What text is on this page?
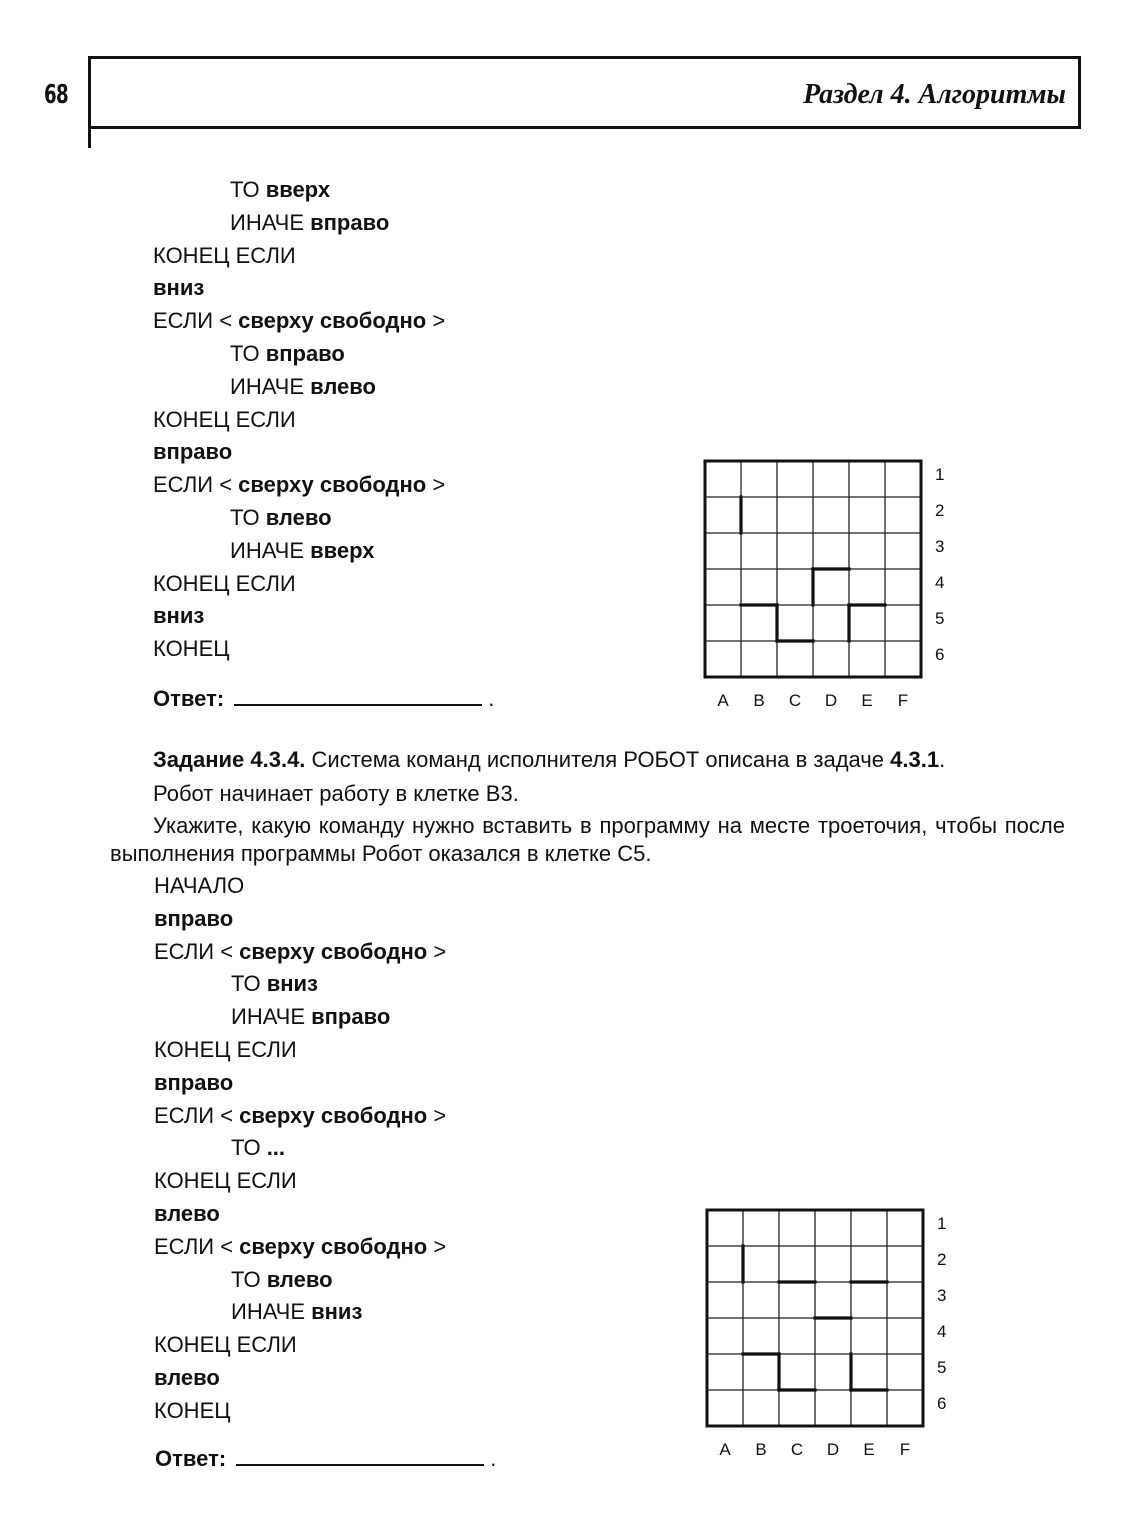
68	Раздел 4. Алгоритмы
ТО вверх
ИНАЧЕ вправо
КОНЕЦ ЕСЛИ
вниз
ЕСЛИ < сверху свободно >
ТО вправо
ИНАЧЕ влево
КОНЕЦ ЕСЛИ
вправо
ЕСЛИ < сверху свободно >
ТО влево
ИНАЧЕ вверх
КОНЕЦ ЕСЛИ
вниз
КОНЕЦ
Ответ:	.	A B C D E F
1
2
3
4
5
6
Задание 4.3.4. Система команд исполнителя РОБОТ описана в задаче 4.3.1.
Робот начинает работу в клетке B3.
Укажите, какую команду нужно вставить в программу на месте троеточия, чтобы после выполнения программы Робот оказался в клетке C5.
НАЧАЛО
вправо
ЕСЛИ < сверху свободно >
ТО вниз
ИНАЧЕ вправо
КОНЕЦ ЕСЛИ
вправо
ЕСЛИ < сверху свободно >
ТО ...
КОНЕЦ ЕСЛИ
влево
ЕСЛИ < сверху свободно >
ТО влево
ИНАЧЕ вниз
КОНЕЦ ЕСЛИ
влево
КОНЕЦ
Ответ:	.	A B C D E F
1
2
3
4
5
6
